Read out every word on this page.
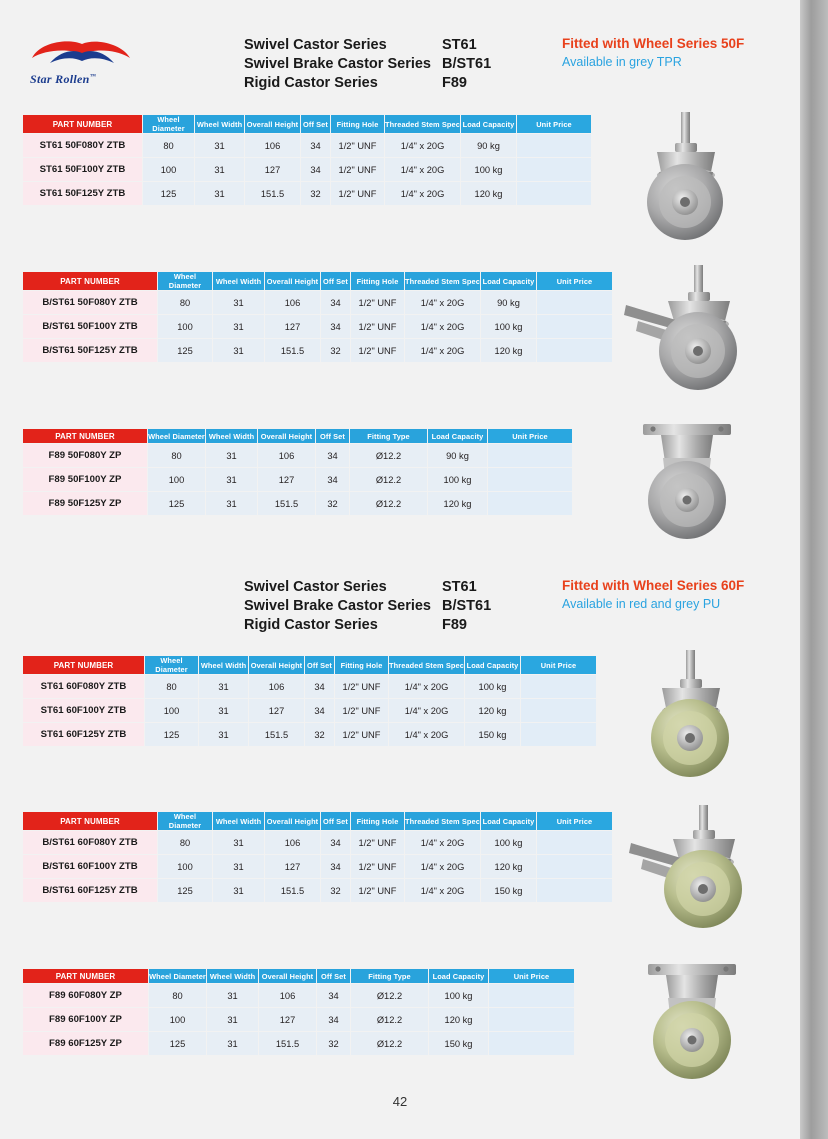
Star Rollen™
Swivel Castor Series
Swivel Brake Castor Series
Rigid Castor Series
ST61
B/ST61
F89
Fitted with Wheel Series 50F
Available in grey TPR
PART NUMBER	Wheel Diameter	Wheel Width	Overall Height	Off Set	Fitting Hole	Threaded Stem Spec	Load Capacity	Unit Price
ST61 50F080Y ZTB	80	31	106	34	1/2" UNF	1/4" x 20G	90 kg	
ST61 50F100Y ZTB	100	31	127	34	1/2" UNF	1/4" x 20G	100 kg	
ST61 50F125Y ZTB	125	31	151.5	32	1/2" UNF	1/4" x 20G	120 kg	
PART NUMBER	Wheel Diameter	Wheel Width	Overall Height	Off Set	Fitting Hole	Threaded Stem Spec	Load Capacity	Unit Price
B/ST61 50F080Y ZTB	80	31	106	34	1/2" UNF	1/4" x 20G	90 kg	
B/ST61 50F100Y ZTB	100	31	127	34	1/2" UNF	1/4" x 20G	100 kg	
B/ST61 50F125Y ZTB	125	31	151.5	32	1/2" UNF	1/4" x 20G	120 kg	
PART NUMBER	Wheel Diameter	Wheel Width	Overall Height	Off Set	Fitting Type	Load Capacity	Unit Price
F89 50F080Y ZP	80	31	106	34	Ø12.2	90 kg	
F89 50F100Y ZP	100	31	127	34	Ø12.2	100 kg	
F89 50F125Y ZP	125	31	151.5	32	Ø12.2	120 kg	
Swivel Castor Series
Swivel Brake Castor Series
Rigid Castor Series
ST61
B/ST61
F89
Fitted with Wheel Series 60F
Available in red and grey PU
PART NUMBER	Wheel Diameter	Wheel Width	Overall Height	Off Set	Fitting Hole	Threaded Stem Spec	Load Capacity	Unit Price
ST61 60F080Y ZTB	80	31	106	34	1/2" UNF	1/4" x 20G	100 kg	
ST61 60F100Y ZTB	100	31	127	34	1/2" UNF	1/4" x 20G	120 kg	
ST61 60F125Y ZTB	125	31	151.5	32	1/2" UNF	1/4" x 20G	150 kg	
PART NUMBER	Wheel Diameter	Wheel Width	Overall Height	Off Set	Fitting Hole	Threaded Stem Spec	Load Capacity	Unit Price
B/ST61 60F080Y ZTB	80	31	106	34	1/2" UNF	1/4" x 20G	100 kg	
B/ST61 60F100Y ZTB	100	31	127	34	1/2" UNF	1/4" x 20G	120 kg	
B/ST61 60F125Y ZTB	125	31	151.5	32	1/2" UNF	1/4" x 20G	150 kg	
PART NUMBER	Wheel Diameter	Wheel Width	Overall Height	Off Set	Fitting Type	Load Capacity	Unit Price
F89 60F080Y ZP	80	31	106	34	Ø12.2	100 kg	
F89 60F100Y ZP	100	31	127	34	Ø12.2	120 kg	
F89 60F125Y ZP	125	31	151.5	32	Ø12.2	150 kg	
42
